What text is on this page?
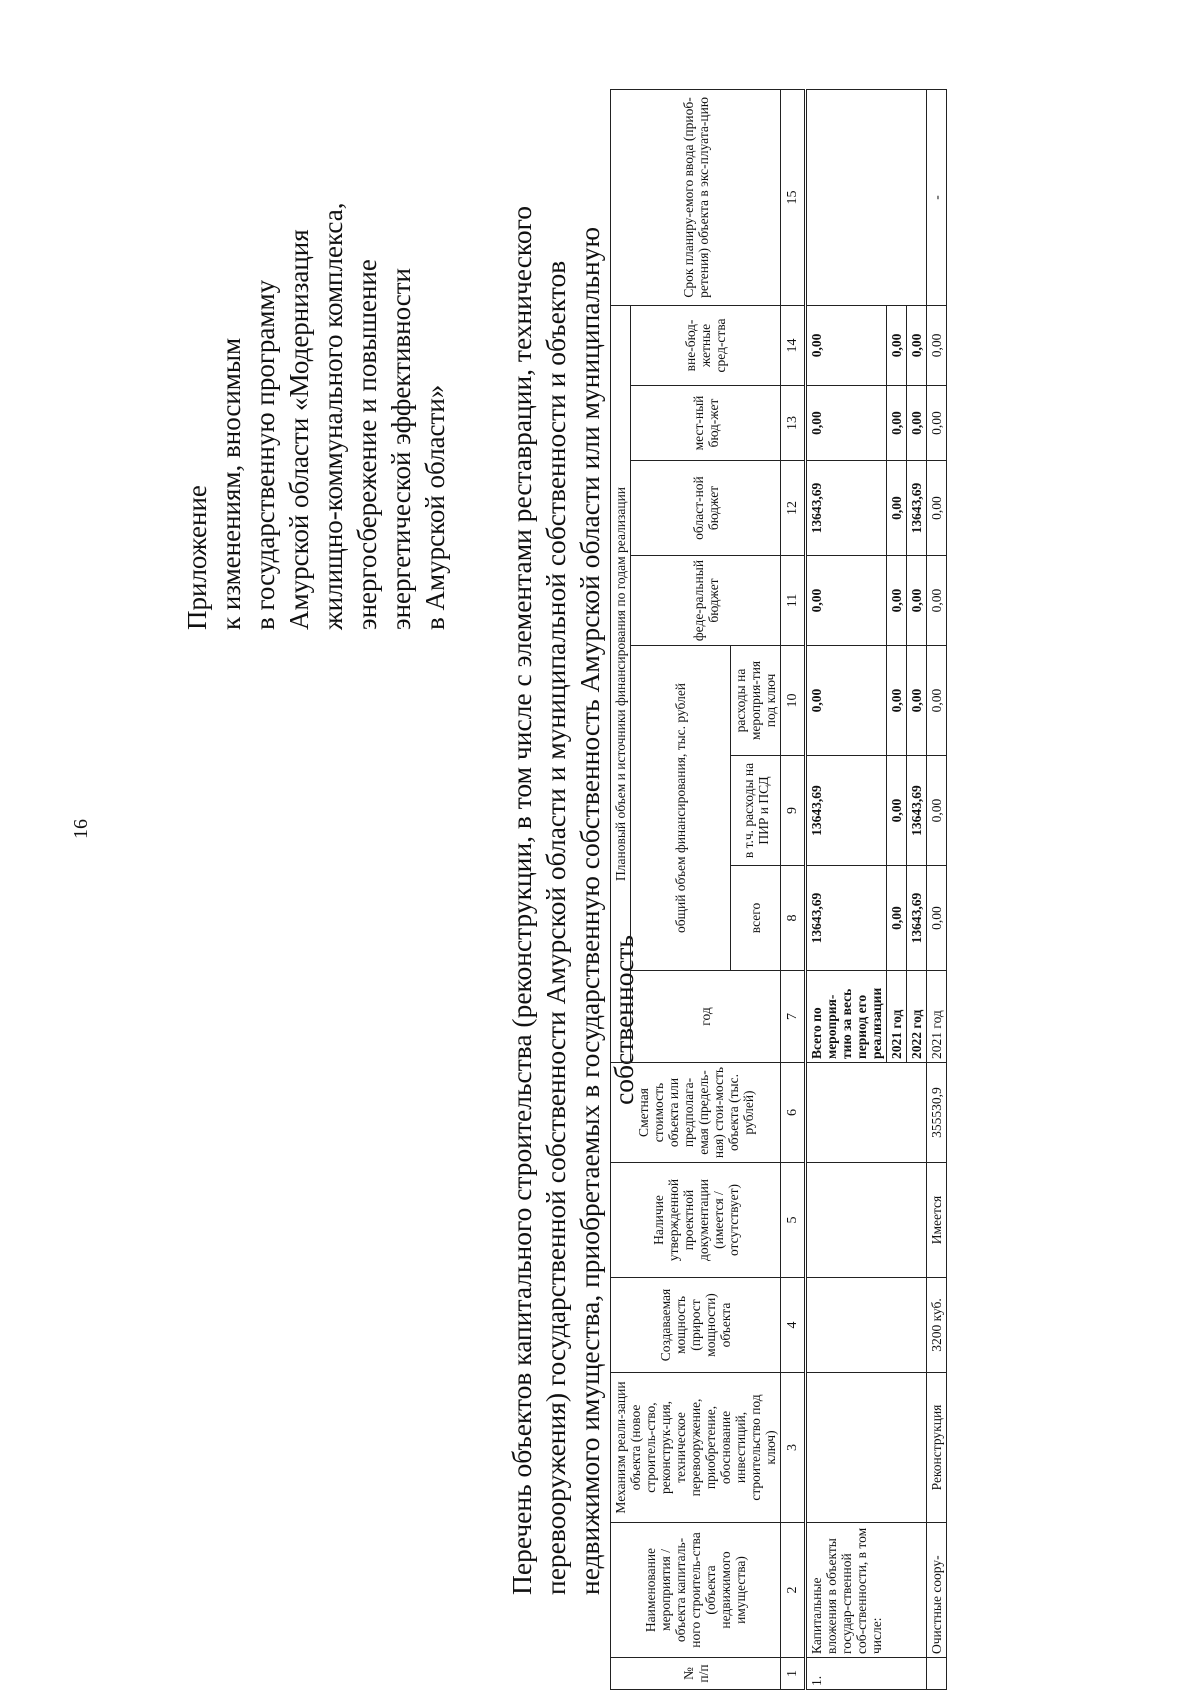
16
Приложение к изменениям, вносимым в государственную программу Амурской области «Модернизация жилищно-коммунального комплекса, энергосбережение и повышение энергетической эффективности в Амурской области» Перечень объектов капитального строительства (реконструкции, в том числе с элементами реставрации, технического перевооружения) государственной собственности Амурской области и муниципальной собственности и объектов недвижимого имущества, приобретаемых в государственную собственность Амурской области или муниципальную собственность
№ п/п	Наименование мероприятия / объекта капиталь-ного строитель-ства (объекта недвижимого имущества)	Механизм реали-зации объекта (новое строитель-ство, реконструк-ция, техническое перевооружение, приобретение, обоснование инвестиций, строительство под ключ)	Создаваемая мощность (прирост мощности) объекта	Наличие утвержденной проектной документации (имеется / отсутствует)	Сметная стоимость объекта или предполага-емая (предель-ная) стои-мость объекта (тыс. рублей)	Плановый объем и источники финансирования по годам реализации								Срок планиру-емого ввода (приоб-ретения) объекта в экс-плуата-цию
						год	общий объем финансирования, тыс. рублей			феде-ральный бюджет	област-ной бюджет	мест-ный бюд-жет	вне-бюд-жетные сред-ства	
							всего	в т.ч. расходы на ПИР и ПСД	расходы на мероприя-тия под ключ					
1	2	3	4	5	6	7	8	9	10	11	12	13	14	15
1.	Капитальные вложения в объекты государ-ственной соб-ственности, в том числе:					Всего по мероприя-тию за весь период его реализации	13643,69	13643,69	0,00	0,00	13643,69	0,00	0,00	
						2021 год	0,00	0,00	0,00	0,00	0,00	0,00	0,00	
						2022 год	13643,69	13643,69	0,00	0,00	13643,69	0,00	0,00	
	Очистные соору-	Реконструкция	3200 куб.	Имеется	355530,9	2021 год	0,00	0,00	0,00	0,00	0,00	0,00	0,00	-
